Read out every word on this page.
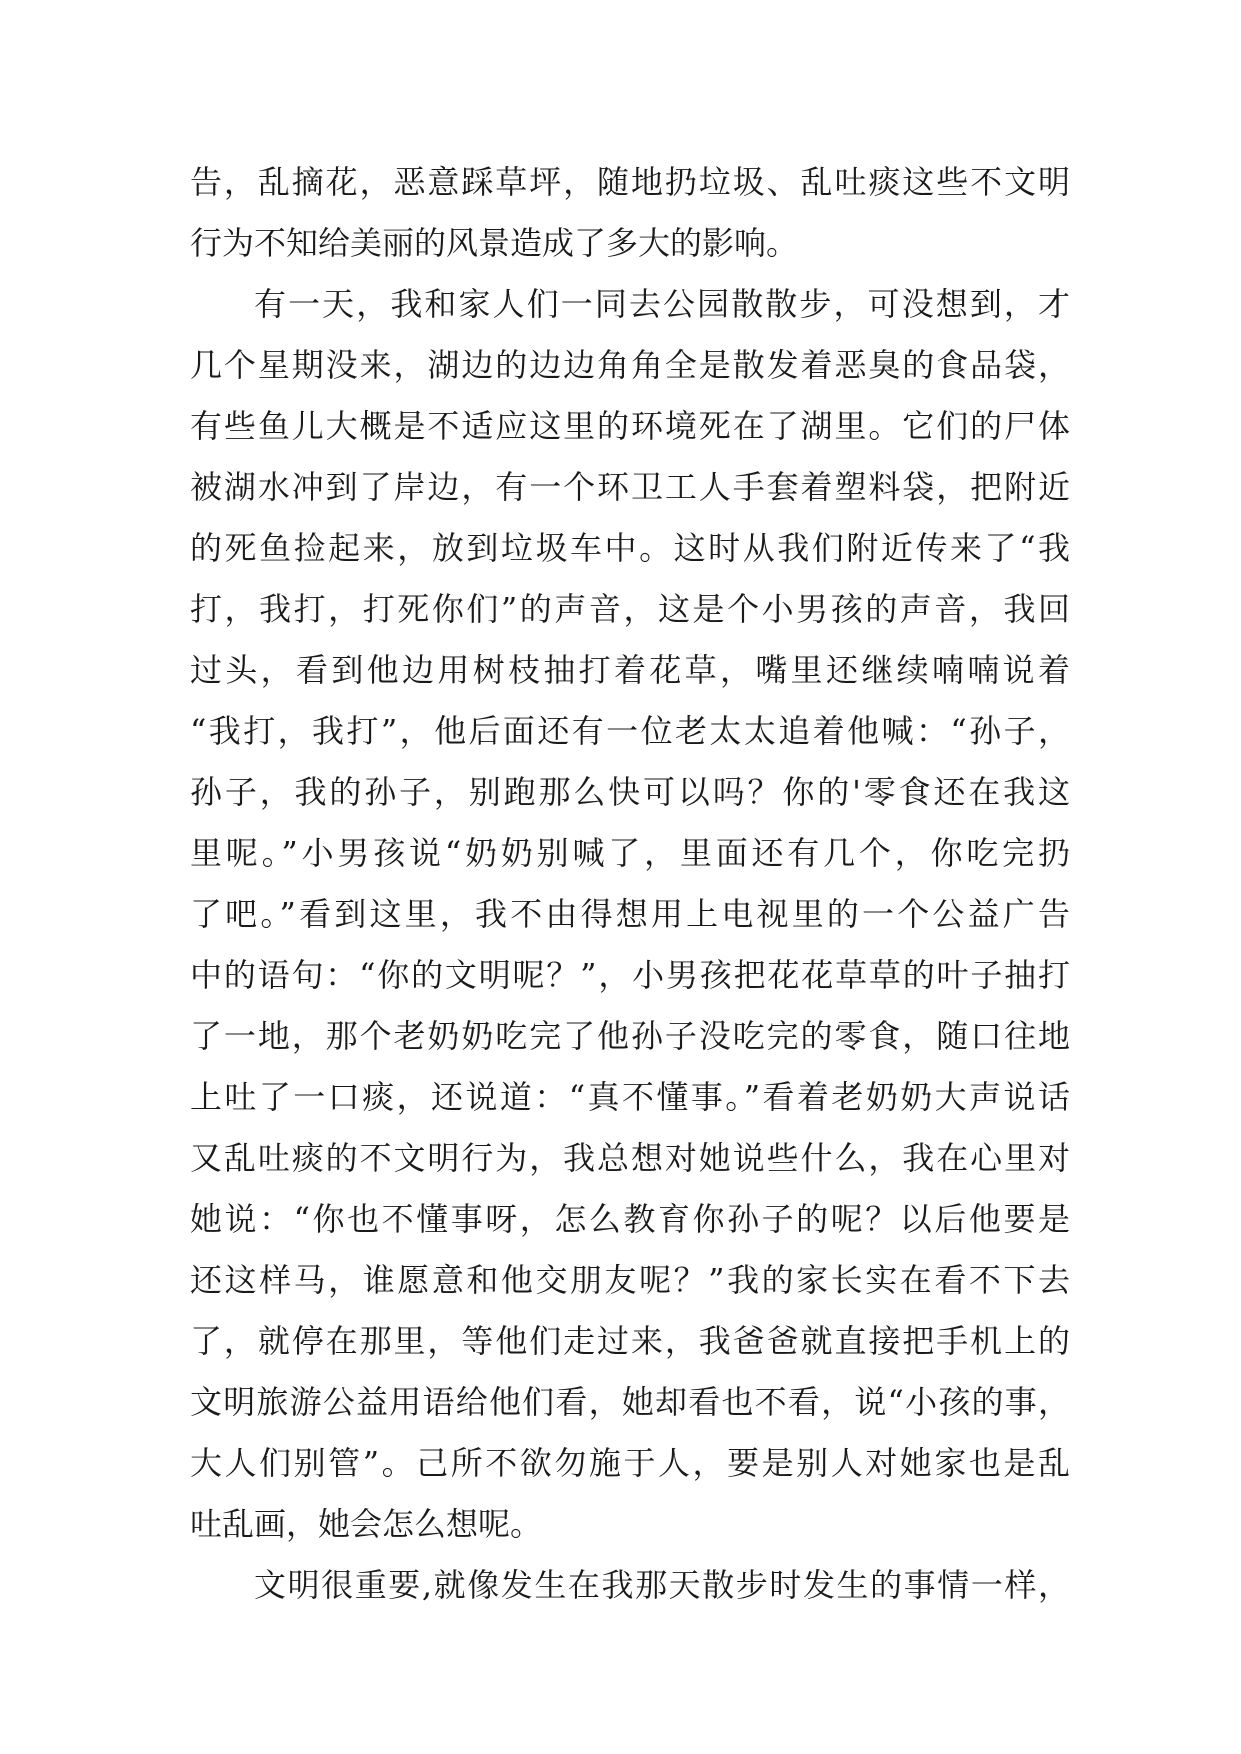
告，乱摘花，恶意踩草坪，随地扔垃圾、乱吐痰这些不文明
行为不知给美丽的风景造成了多大的影响。
有一天，我和家人们一同去公园散散步，可没想到，才
几个星期没来，湖边的边边角角全是散发着恶臭的食品袋，
有些鱼儿大概是不适应这里的环境死在了湖里。它们的尸体
被湖水冲到了岸边，有一个环卫工人手套着塑料袋，把附近
的死鱼捡起来，放到垃圾车中。这时从我们附近传来了“我
打，我打，打死你们”的声音，这是个小男孩的声音，我回
过头，看到他边用树枝抽打着花草，嘴里还继续喃喃说着
“我打，我打”，他后面还有一位老太太追着他喊：“孙子，
孙子，我的孙子，别跑那么快可以吗？你的'零食还在我这
里呢。”小男孩说“奶奶别喊了，里面还有几个，你吃完扔
了吧。”看到这里，我不由得想用上电视里的一个公益广告
中的语句：“你的文明呢？”，小男孩把花花草草的叶子抽打
了一地，那个老奶奶吃完了他孙子没吃完的零食，随口往地
上吐了一口痰，还说道：“真不懂事。”看着老奶奶大声说话
又乱吐痰的不文明行为，我总想对她说些什么，我在心里对
她说：“你也不懂事呀，怎么教育你孙子的呢？以后他要是
还这样马，谁愿意和他交朋友呢？”我的家长实在看不下去
了，就停在那里，等他们走过来，我爸爸就直接把手机上的
文明旅游公益用语给他们看，她却看也不看，说“小孩的事，
大人们别管”。己所不欲勿施于人，要是别人对她家也是乱
吐乱画，她会怎么想呢。
文明很重要,就像发生在我那天散步时发生的事情一样，
